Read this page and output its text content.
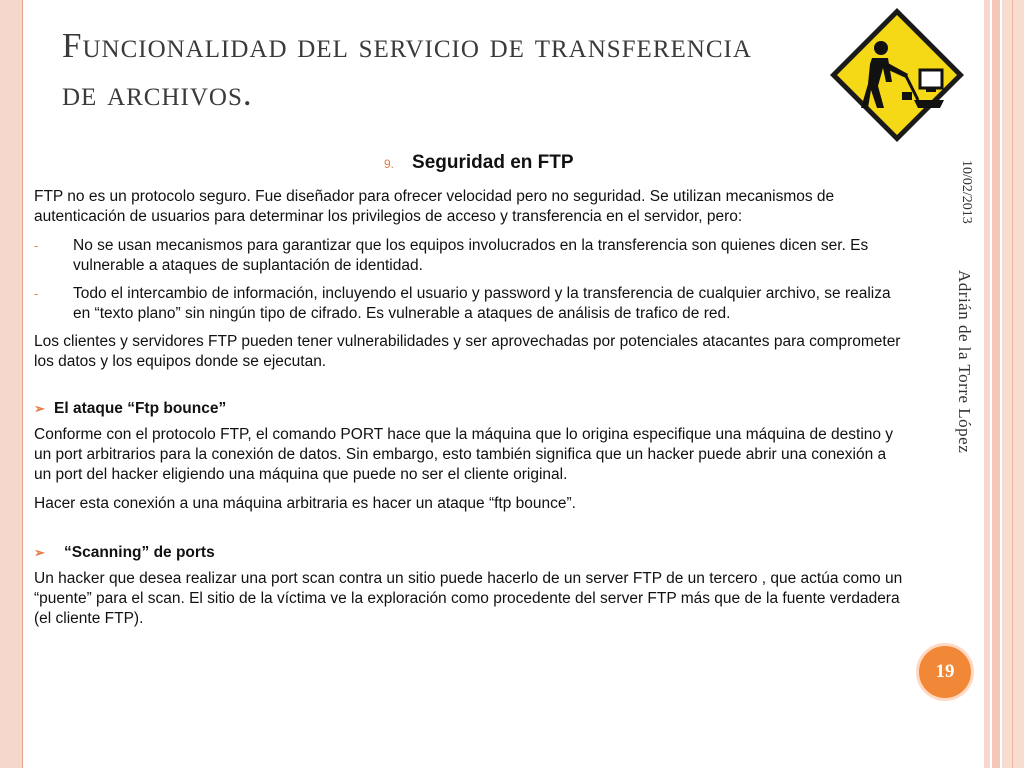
Funcionalidad del servicio de transferencia de archivos.
9. Seguridad en FTP

FTP no es un protocolo seguro. Fue diseñador para ofrecer velocidad pero no seguridad. Se utilizan mecanismos de autenticación de usuarios para determinar los privilegios de acceso y transferencia en el servidor, pero:

- No se usan mecanismos para garantizar que los equipos involucrados en la transferencia son quienes dicen ser. Es vulnerable a ataques de suplantación de identidad.
- Todo el intercambio de información, incluyendo el usuario y password y la transferencia de cualquier archivo, se realiza en “texto plano” sin ningún tipo de cifrado. Es vulnerable a ataques de análisis de trafico de red.

Los clientes y servidores FTP pueden tener vulnerabilidades y ser aprovechadas por potenciales atacantes para comprometer los datos y los equipos donde se ejecutan.

➢ El ataque “Ftp bounce”

Conforme con el protocolo FTP, el comando PORT hace que la máquina que lo origina especifique una máquina de destino y un port arbitrarios para la conexión de datos. Sin embargo, esto también significa que un hacker puede abrir una conexión a un port del hacker eligiendo una máquina que puede no ser el cliente original.

Hacer esta conexión a una máquina arbitraria es hacer un ataque “ftp bounce”.

➢ “Scanning” de ports

Un hacker que desea realizar una port scan contra un sitio puede hacerlo de un server FTP de un tercero , que actúa como un “puente” para el scan. El sitio de la víctima ve la exploración como procedente del server FTP más que de la fuente verdadera (el cliente FTP).

10/02/2013
Adrián de la Torre López
19
